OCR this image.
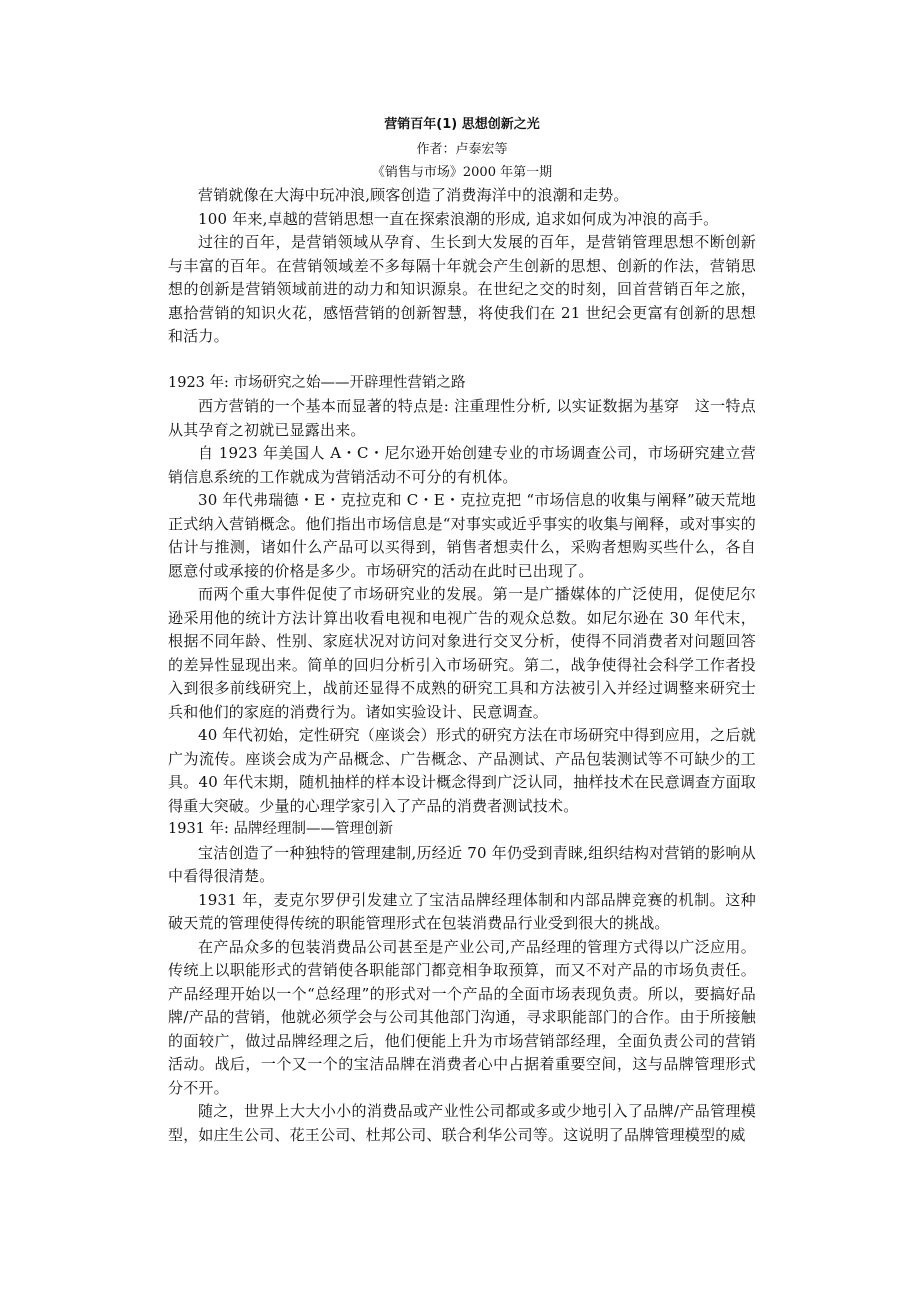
营销百年(1) 思想创新之光

作者：卢泰宏等

《销售与市场》2000 年第一期

营销就像在大海中玩冲浪,顾客创造了消费海洋中的浪潮和走势。

100 年来,卓越的营销思想一直在探索浪潮的形成, 追求如何成为冲浪的高手。

过往的百年，是营销领域从孕育、生长到大发展的百年，是营销管理思想不断创新与丰富的百年。在营销领域差不多每隔十年就会产生创新的思想、创新的作法，营销思想的创新是营销领域前进的动力和知识源泉。在世纪之交的时刻，回首营销百年之旅，惠拾营销的知识火花，感悟营销的创新智慧，将使我们在 21 世纪会更富有创新的思想和活力。

1923 年: 市场研究之始——开辟理性营销之路

西方营销的一个基本而显著的特点是: 注重理性分析, 以实证数据为基穿　这一特点从其孕育之初就已显露出来。

自 1923 年美国人 A・C・尼尔逊开始创建专业的市场调查公司，市场研究建立营销信息系统的工作就成为营销活动不可分的有机体。

30 年代弗瑞德・E・克拉克和 C・E・克拉克把 “市场信息的收集与阐释”破天荒地正式纳入营销概念。他们指出市场信息是“对事实或近乎事实的收集与阐释，或对事实的估计与推测，诸如什么产品可以买得到，销售者想卖什么，采购者想购买些什么，各自愿意付或承接的价格是多少。市场研究的活动在此时已出现了。

而两个重大事件促使了市场研究业的发展。第一是广播媒体的广泛使用，促使尼尔逊采用他的统计方法计算出收看电视和电视广告的观众总数。如尼尔逊在 30 年代末，根据不同年龄、性别、家庭状况对访问对象进行交叉分析，使得不同消费者对问题回答的差异性显现出来。简单的回归分析引入市场研究。第二，战争使得社会科学工作者投入到很多前线研究上，战前还显得不成熟的研究工具和方法被引入并经过调整来研究士兵和他们的家庭的消费行为。诸如实验设计、民意调查。

40 年代初始，定性研究（座谈会）形式的研究方法在市场研究中得到应用，之后就广为流传。座谈会成为产品概念、广告概念、产品测试、产品包装测试等不可缺少的工具。40 年代末期，随机抽样的样本设计概念得到广泛认同，抽样技术在民意调查方面取得重大突破。少量的心理学家引入了产品的消费者测试技术。

1931 年: 品牌经理制——管理创新

宝洁创造了一种独特的管理建制,历经近 70 年仍受到青睐,组织结构对营销的影响从中看得很清楚。

1931 年，麦克尔罗伊引发建立了宝洁品牌经理体制和内部品牌竞赛的机制。这种破天荒的管理使得传统的职能管理形式在包装消费品行业受到很大的挑战。

在产品众多的包装消费品公司甚至是产业公司,产品经理的管理方式得以广泛应用。传统上以职能形式的营销使各职能部门都竞相争取预算，而又不对产品的市场负责任。产品经理开始以一个“总经理”的形式对一个产品的全面市场表现负责。所以，要搞好品牌/产品的营销，他就必须学会与公司其他部门沟通，寻求职能部门的合作。由于所接触的面较广，做过品牌经理之后，他们便能上升为市场营销部经理，全面负责公司的营销活动。战后，一个又一个的宝洁品牌在消费者心中占据着重要空间，这与品牌管理形式分不开。

随之，世界上大大小小的消费品或产业性公司都或多或少地引入了品牌/产品管理模型，如庄生公司、花王公司、杜邦公司、联合利华公司等。这说明了品牌管理模型的威
